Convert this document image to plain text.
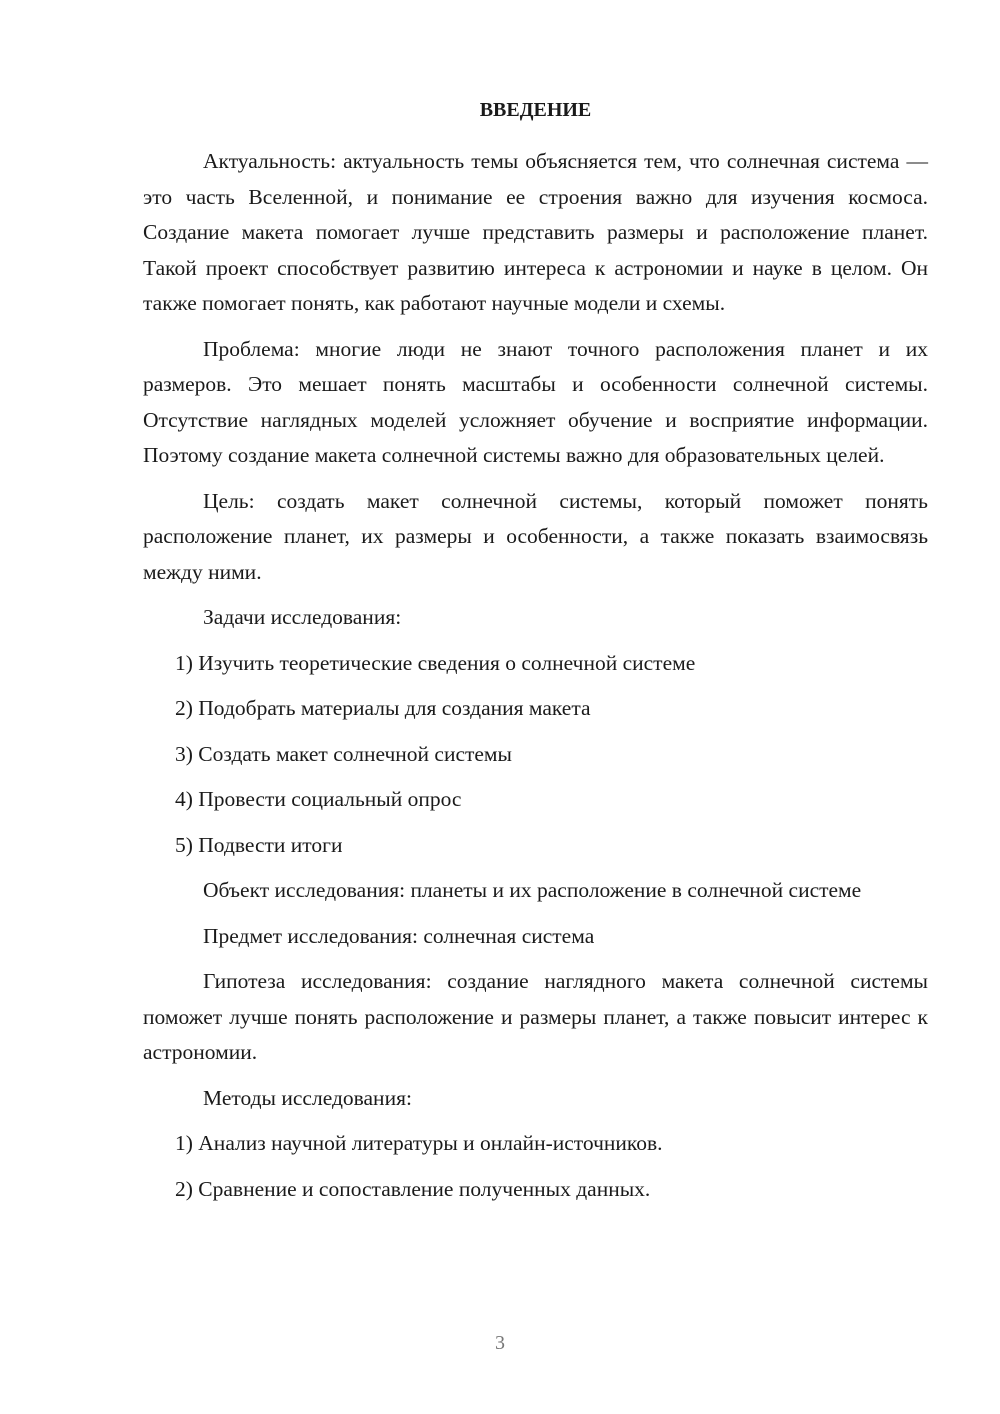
ВВЕДЕНИЕ

Актуальность: актуальность темы объясняется тем, что солнечная система — это часть Вселенной, и понимание ее строения важно для изучения космоса. Создание макета помогает лучше представить размеры и расположение планет. Такой проект способствует развитию интереса к астрономии и науке в целом. Он также помогает понять, как работают научные модели и схемы.

Проблема: многие люди не знают точного расположения планет и их размеров. Это мешает понять масштабы и особенности солнечной системы. Отсутствие наглядных моделей усложняет обучение и восприятие информации. Поэтому создание макета солнечной системы важно для образовательных целей.

Цель: создать макет солнечной системы, который поможет понять расположение планет, их размеры и особенности, а также показать взаимосвязь между ними.

Задачи исследования:

1) Изучить теоретические сведения о солнечной системе

2) Подобрать материалы для создания макета

3) Создать макет солнечной системы

4) Провести социальный опрос

5) Подвести итоги

Объект исследования: планеты и их расположение в солнечной системе

Предмет исследования: солнечная система

Гипотеза исследования: создание наглядного макета солнечной системы поможет лучше понять расположение и размеры планет, а также повысит интерес к астрономии.

Методы исследования:

1) Анализ научной литературы и онлайн-источников.

2) Сравнение и сопоставление полученных данных.

3
